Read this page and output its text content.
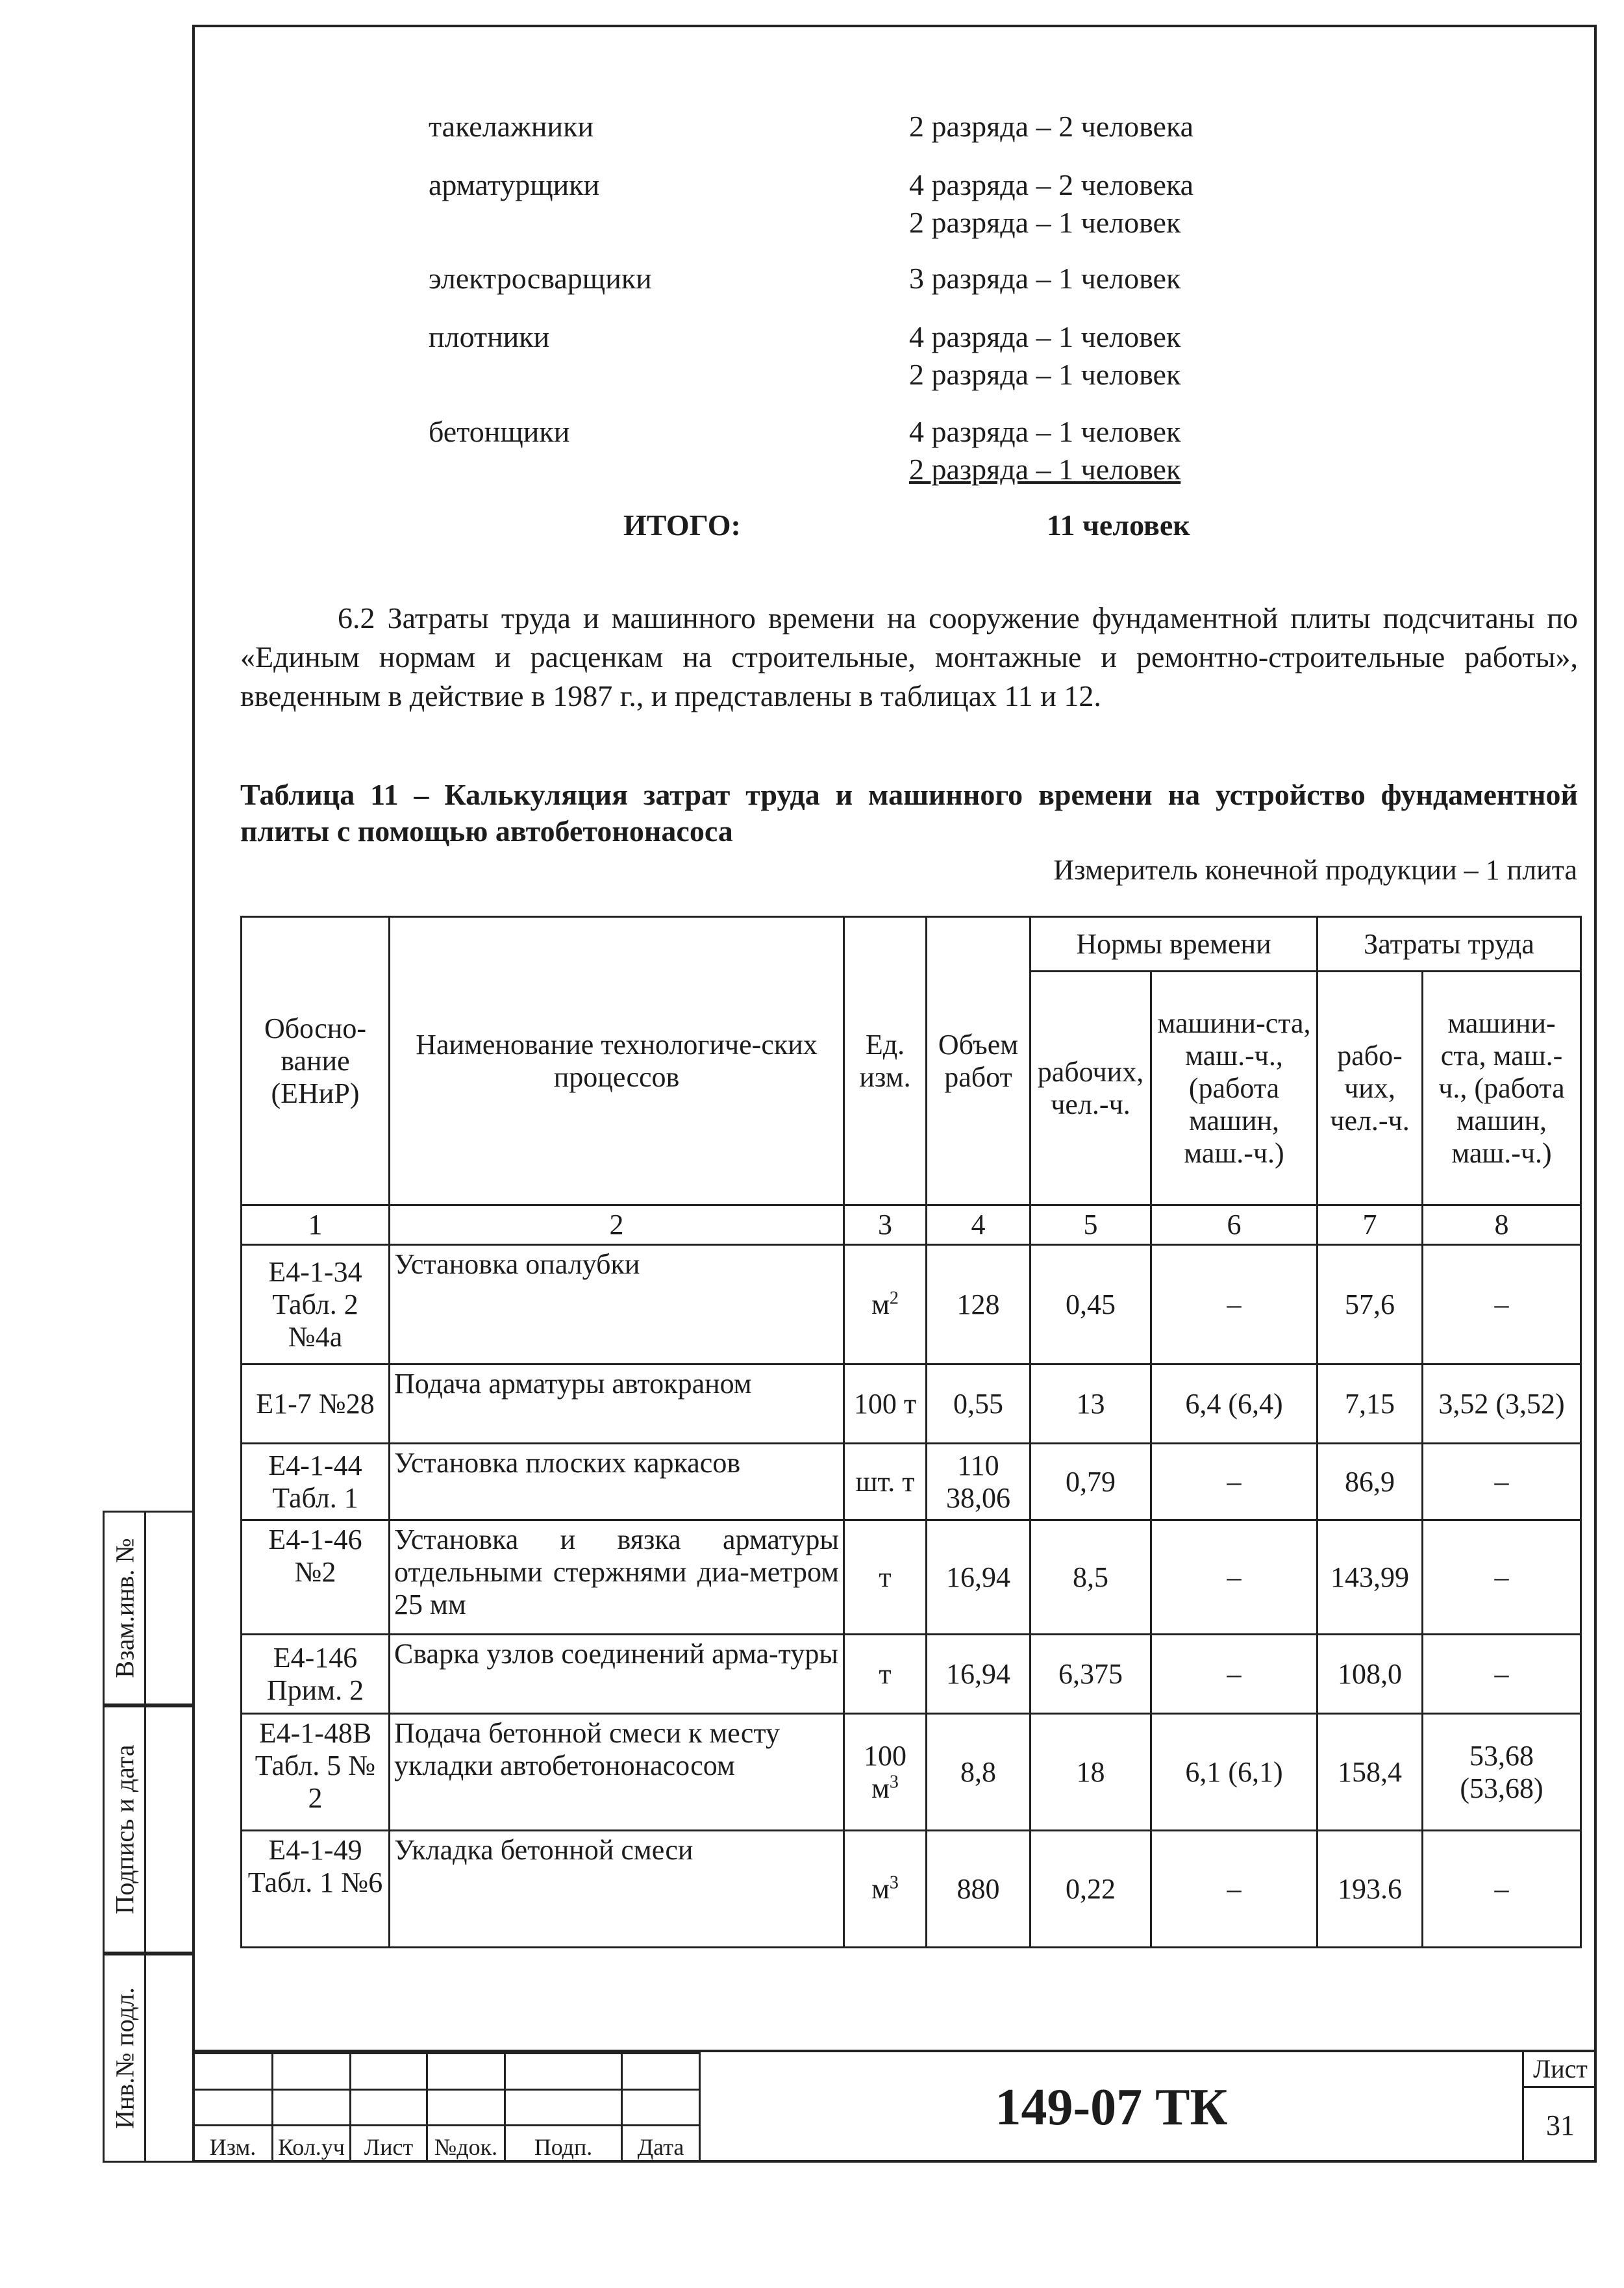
такелажники	2 разряда – 2 человека
арматурщики	4 разряда – 2 человека
2 разряда – 1 человек
электросварщики	3 разряда – 1 человек
плотники	4 разряда – 1 человек
2 разряда – 1 человек
бетонщики	4 разряда – 1 человек
2 разряда – 1 человек
ИТОГО:	11 человек
6.2 Затраты труда и машинного времени на сооружение фундаментной плиты подсчитаны по «Единым нормам и расценкам на строительные, монтажные и ремонтно-строительные работы», введенным в действие в 1987 г., и представлены в таблицах 11 и 12.
Таблица 11 – Калькуляция затрат труда и машинного времени на устройство фундаментной плиты с помощью автобетононасоса
Измеритель конечной продукции – 1 плита
Обосно-вание (ЕНиР)	Наименование технологиче-ских процессов	Ед. изм.	Объем работ	Нормы времени		Затраты труда	
				рабочих, чел.-ч.	машини-ста, маш.-ч., (работа машин, маш.-ч.)	рабо-чих, чел.-ч.	машини-ста, маш.-ч., (работа машин, маш.-ч.)
1	2	3	4	5	6	7	8
Е4-1-34 Табл. 2 №4а	Установка опалубки	$м^2$	128	0,45	–	57,6	–
Е1-7 №28	Подача арматуры автокраном	100 т	0,55	13	6,4 (6,4)	7,15	3,52 (3,52)
Е4-1-44 Табл. 1	Установка плоских каркасов	шт. т	110 38,06	0,79	–	86,9	–
Е4-1-46 №2	Установка и вязка арматуры отдельными стержнями диа-метром 25 мм	т	16,94	8,5	–	143,99	–
Е4-146 Прим. 2	Сварка узлов соединений арма-туры	т	16,94	6,375	–	108,0	–
Е4-1-48В Табл. 5 № 2	Подача бетонной смеси к месту укладки автобетононасосом	100 $м^3$	8,8	18	6,1 (6,1)	158,4	53,68 (53,68)
Е4-1-49 Табл. 1 №6	Укладка бетонной смеси	$м^3$	880	0,22	–	193.6	–
Взам.инв. №
Подпись и дата
Инв.№ подл.

Изм.	Кол.уч	Лист	№док.	Подп.	Дата
149-07 ТК
Лист
31
